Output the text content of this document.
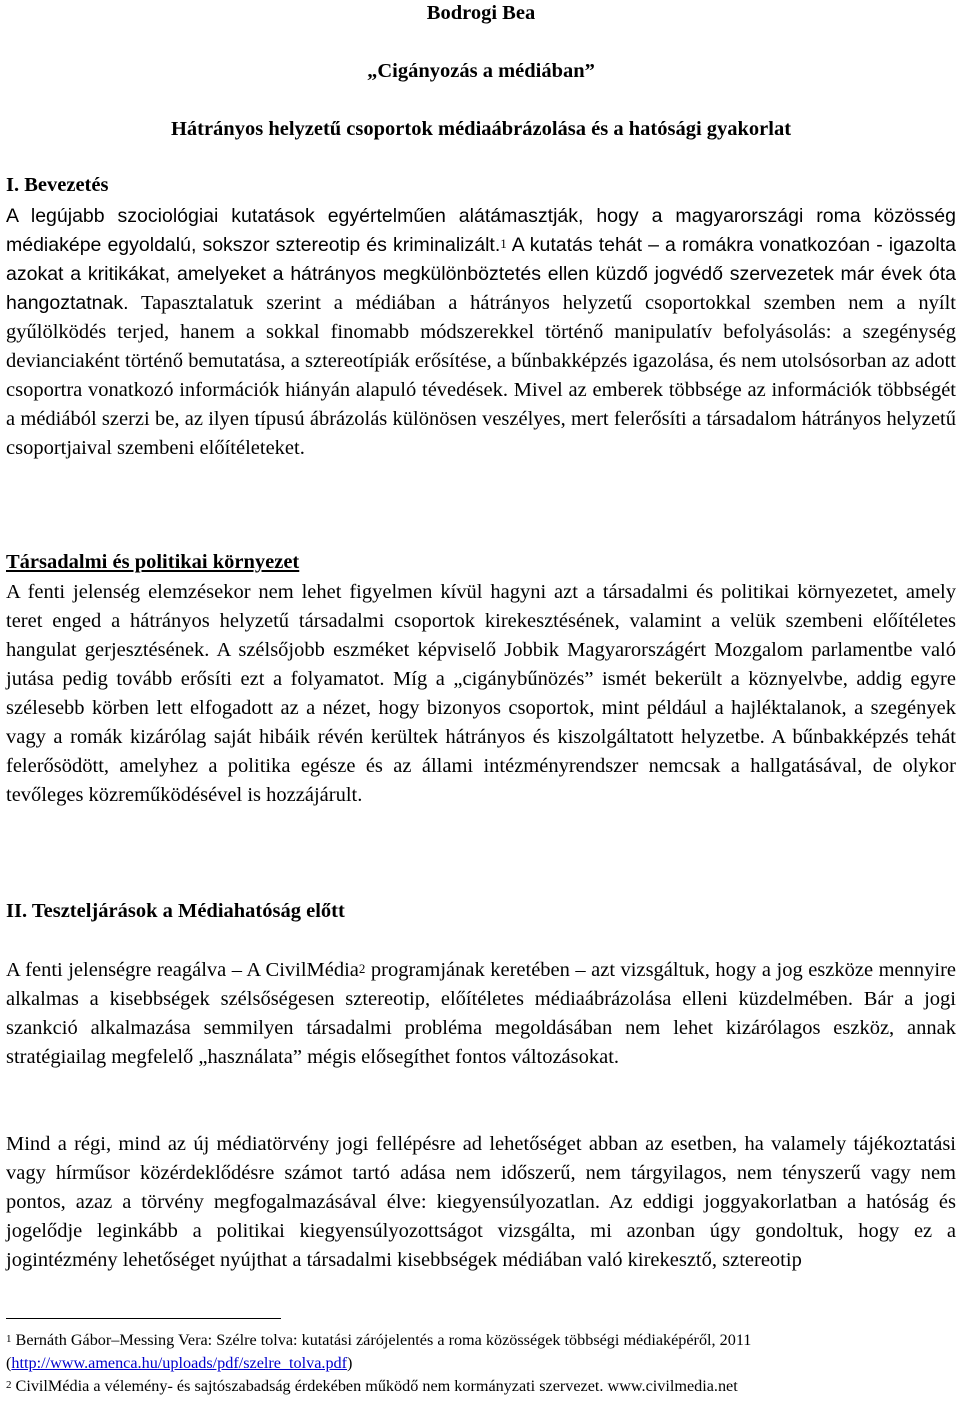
Bodrogi Bea
„Cigányozás a médiában”
Hátrányos helyzetű csoportok médiaábrázolása és a hatósági gyakorlat
I. Bevezetés

A legújabb szociológiai kutatások egyértelműen alátámasztják, hogy a magyarországi roma közösség médiaképe egyoldalú, sokszor sztereotip és kriminalizált.$^1$ A kutatás tehát – a romákra vonatkozóan - igazolta azokat a kritikákat, amelyeket a hátrányos megkülönböztetés ellen küzdő jogvédő szervezetek már évek óta hangoztatnak. Tapasztalatuk szerint a médiában a hátrányos helyzetű csoportokkal szemben nem a nyílt gyűlölködés terjed, hanem a sokkal finomabb módszerekkel történő manipulatív befolyásolás: a szegénység devianciaként történő bemutatása, a sztereotípiák erősítése, a bűnbakképzés igazolása, és nem utolsósorban az adott csoportra vonatkozó információk hiányán alapuló tévedések. Mivel az emberek többsége az információk többségét a médiából szerzi be, az ilyen típusú ábrázolás különösen veszélyes, mert felerősíti a társadalom hátrányos helyzetű csoportjaival szembeni előítéleteket.

Társadalmi és politikai környezet

A fenti jelenség elemzésekor nem lehet figyelmen kívül hagyni azt a társadalmi és politikai környezetet, amely teret enged a hátrányos helyzetű társadalmi csoportok kirekesztésének, valamint a velük szembeni előítéletes hangulat gerjesztésének. A szélsőjobb eszméket képviselő Jobbik Magyarországért Mozgalom parlamentbe való jutása pedig tovább erősíti ezt a folyamatot. Míg a „cigánybűnözés” ismét bekerült a köznyelvbe, addig egyre szélesebb körben lett elfogadott az a nézet, hogy bizonyos csoportok, mint például a hajléktalanok, a szegények vagy a romák kizárólag saját hibáik révén kerültek hátrányos és kiszolgáltatott helyzetbe. A bűnbakképzés tehát felerősödött, amelyhez a politika egésze és az állami intézményrendszer nemcsak a hallgatásával, de olykor tevőleges közreműködésével is hozzájárult.

II. Teszteljárások a Médiahatóság előtt

A fenti jelenségre reagálva – A CivilMédia$^2$ programjának keretében – azt vizsgáltuk, hogy a jog eszköze mennyire alkalmas a kisebbségek szélsőségesen sztereotip, előítéletes médiaábrázolása elleni küzdelmében. Bár a jogi szankció alkalmazása semmilyen társadalmi probléma megoldásában nem lehet kizárólagos eszköz, annak stratégiailag megfelelő „használata” mégis elősegíthet fontos változásokat.

Mind a régi, mind az új médiatörvény jogi fellépésre ad lehetőséget abban az esetben, ha valamely tájékoztatási vagy hírműsor közérdeklődésre számot tartó adása nem időszerű, nem tárgyilagos, nem tényszerű vagy nem pontos, azaz a törvény megfogalmazásával élve: kiegyensúlyozatlan. Az eddigi joggyakorlatban a hatóság és jogelődje leginkább a politikai kiegyensúlyozottságot vizsgálta, mi azonban úgy gondoltuk, hogy ez a jogintézmény lehetőséget nyújthat a társadalmi kisebbségek médiában való kirekesztő, sztereotip

$^1$ Bernáth Gábor–Messing Vera: Szélre tolva: kutatási zárójelentés a roma közösségek többségi médiaképéről, 2011 (http://www.amenca.hu/uploads/pdf/szelre_tolva.pdf)

$^2$ CivilMédia a vélemény- és sajtószabadság érdekében működő nem kormányzati szervezet. www.civilmedia.net
